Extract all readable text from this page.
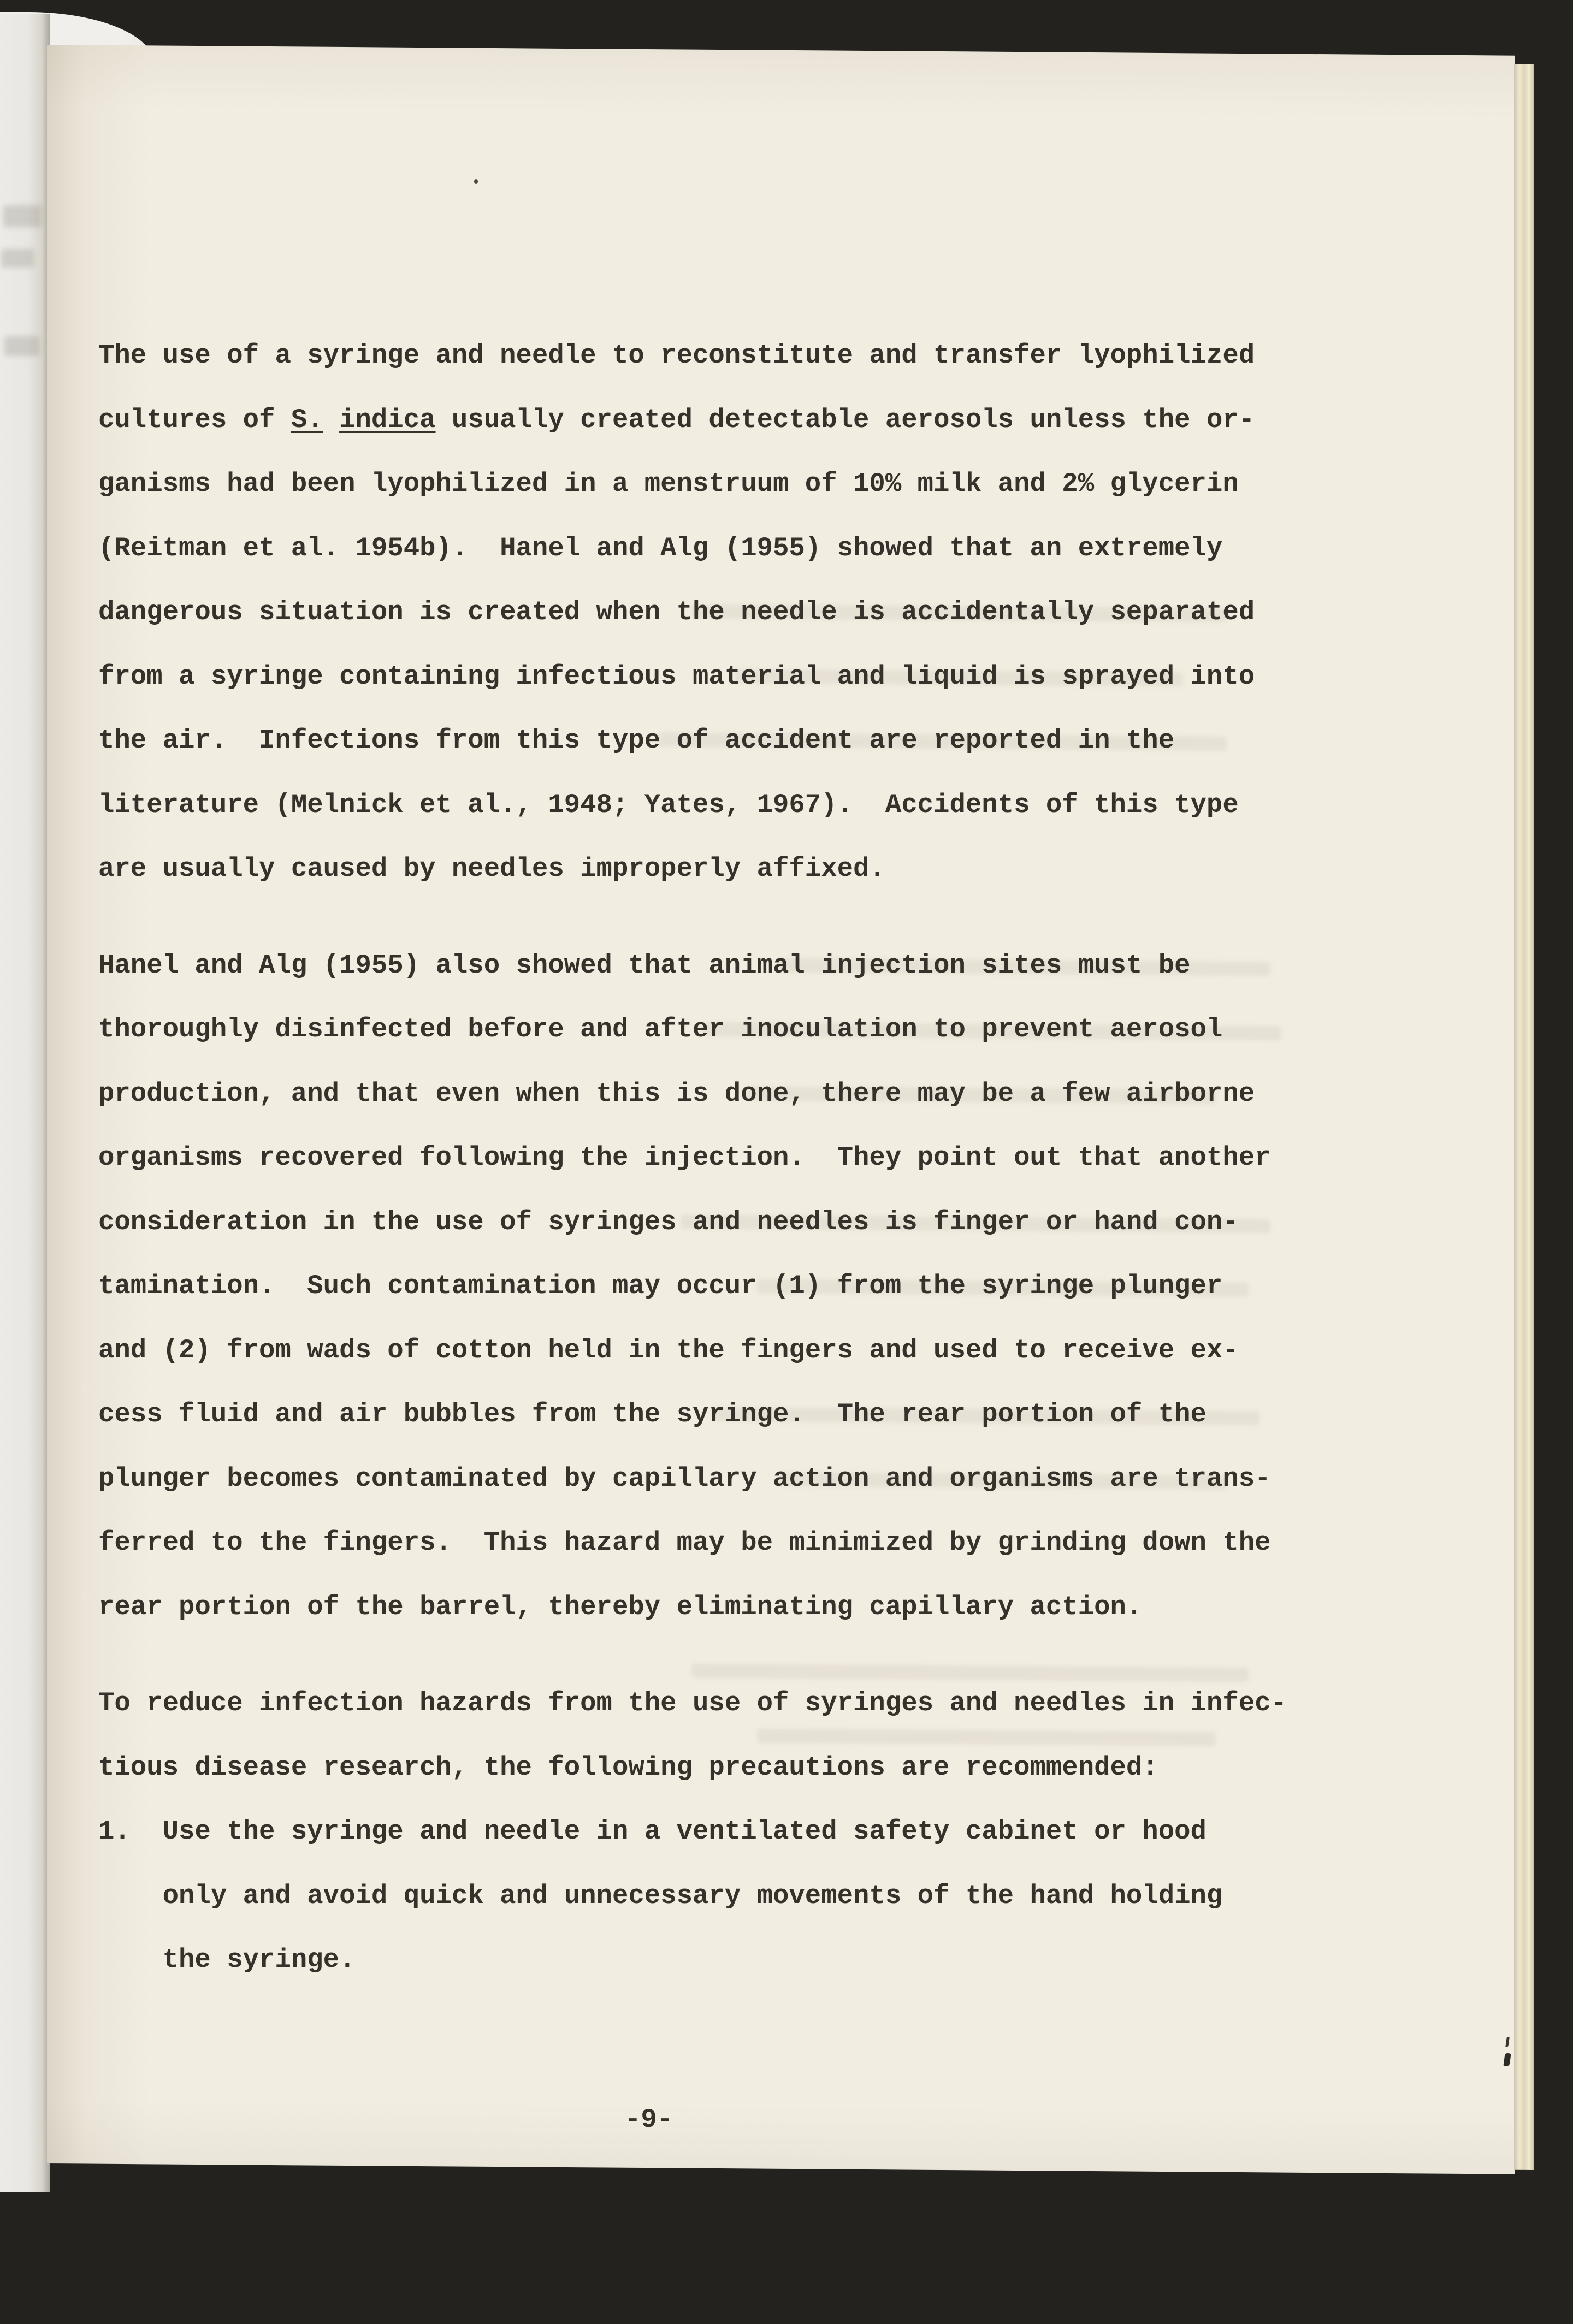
The use of a syringe and needle to reconstitute and transfer lyophilized
cultures of S. indica usually created detectable aerosols unless the or-
ganisms had been lyophilized in a menstruum of 10% milk and 2% glycerin
(Reitman et al. 1954b).  Hanel and Alg (1955) showed that an extremely
dangerous situation is created when the needle is accidentally separated
from a syringe containing infectious material and liquid is sprayed into
the air.  Infections from this type of accident are reported in the
literature (Melnick et al., 1948; Yates, 1967).  Accidents of this type
are usually caused by needles improperly affixed.
Hanel and Alg (1955) also showed that animal injection sites must be
thoroughly disinfected before and after inoculation to prevent aerosol
production, and that even when this is done, there may be a few airborne
organisms recovered following the injection.  They point out that another
consideration in the use of syringes and needles is finger or hand con-
tamination.  Such contamination may occur (1) from the syringe plunger
and (2) from wads of cotton held in the fingers and used to receive ex-
cess fluid and air bubbles from the syringe.  The rear portion of the
plunger becomes contaminated by capillary action and organisms are trans-
ferred to the fingers.  This hazard may be minimized by grinding down the
rear portion of the barrel, thereby eliminating capillary action.
To reduce infection hazards from the use of syringes and needles in infec-
tious disease research, the following precautions are recommended:
1.  Use the syringe and needle in a ventilated safety cabinet or hood
only and avoid quick and unnecessary movements of the hand holding
the syringe.

-9-
